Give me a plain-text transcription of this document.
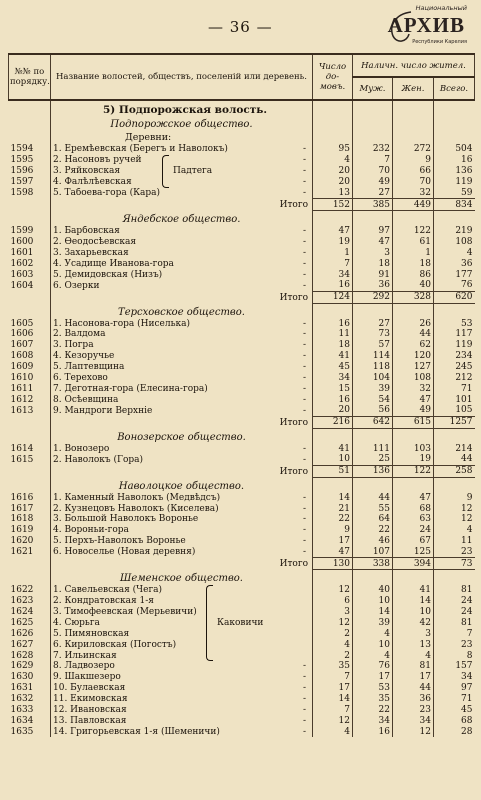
— 36 —
Национальный
АРХИВ
Республики Карелия
№№ по порядку.	Название волостей, обществъ, поселеній или деревень.	Число до-мовъ.	Наличн. число жител.		
			Муж.	Жен.	Всего.
	5) Подпорожская волость.				
	Подпорожское общество.				
	Деревни:				
1594	1. Еремѣевская (Берегъ и Наволокъ) -	95	232	272	504
1595	2. Насоновъ ручей -	4	7	9	16
1596	3. Ряйковская -	20	70	66	136
1597	4. Фалѣлѣевская -	20	49	70	119
1598	5. Табоева-гора (Кара) -	13	27	32	59
	Итого	152	385	449	834
	Яндебское общество.				
1599	1. Барбовская -	47	97	122	219
1600	2. Ѳеодосѣевская -	19	47	61	108
1601	3. Захарьевская -	1	3	1	4
1602	4. Усадище Иванова-гора -	7	18	18	36
1603	5. Демидовская (Низъ) -	34	91	86	177
1604	6. Озерки -	16	36	40	76
	Итого	124	292	328	620
	Терсховское общество.				
1605	1. Насонова-гора (Ниселька) -	16	27	26	53
1606	2. Валдома -	11	73	44	117
1607	3. Погра -	18	57	62	119
1608	4. Кезоручье -	41	114	120	234
1609	5. Лаптевщина -	45	118	127	245
1610	6. Терехово -	34	104	108	212
1611	7. Деготная-гора (Елесина-гора) -	15	39	32	71
1612	8. Осѣевщина -	16	54	47	101
1613	9. Мандроги Верхніе -	20	56	49	105
	Итого	216	642	615	1257
	Вонозерское общество.				
1614	1. Вонозеро -	41	111	103	214
1615	2. Наволокъ (Гора) -	10	25	19	44
	Итого	51	136	122	258
	Наволоцкое общество.				
1616	1. Каменный Наволокъ (Медвѣдсъ) -	14	44	47	9
1617	2. Кузнецовъ Наволокъ (Киселева) -	21	55	68	12
1618	3. Большой Наволокъ Вороньe -	22	64	63	12
1619	4. Вороньи-гора -	9	22	24	4
1620	5. Перхъ-Наволокъ Вороньe -	17	46	67	11
1621	6. Новоселье (Новая деревня) -	47	107	125	23
	Итого	130	338	394	73
	Шеменское общество.				
1622	1. Савельевская (Чега)	12	40	41	81
1623	2. Кондратовская 1-я	6	10	14	24
1624	3. Тимофеевская (Мерьевичи)	3	14	10	24
1625	4. Сюрьга	12	39	42	81
1626	5. Пимяновская	2	4	3	7
1627	6. Кириловская (Погостъ)	4	10	13	23
1628	7. Ильинская	2	4	4	8
1629	8. Ладвозеро -	35	76	81	157
1630	9. Шакшезеро -	7	17	17	34
1631	10. Булаевская -	17	53	44	97
1632	11. Екимовская -	14	35	36	71
1633	12. Ивановская -	7	22	23	45
1634	13. Павловская -	12	34	34	68
1635	14. Григорьевская 1-я (Шеменичи) -	4	16	12	28
Падтега
Каковичи
